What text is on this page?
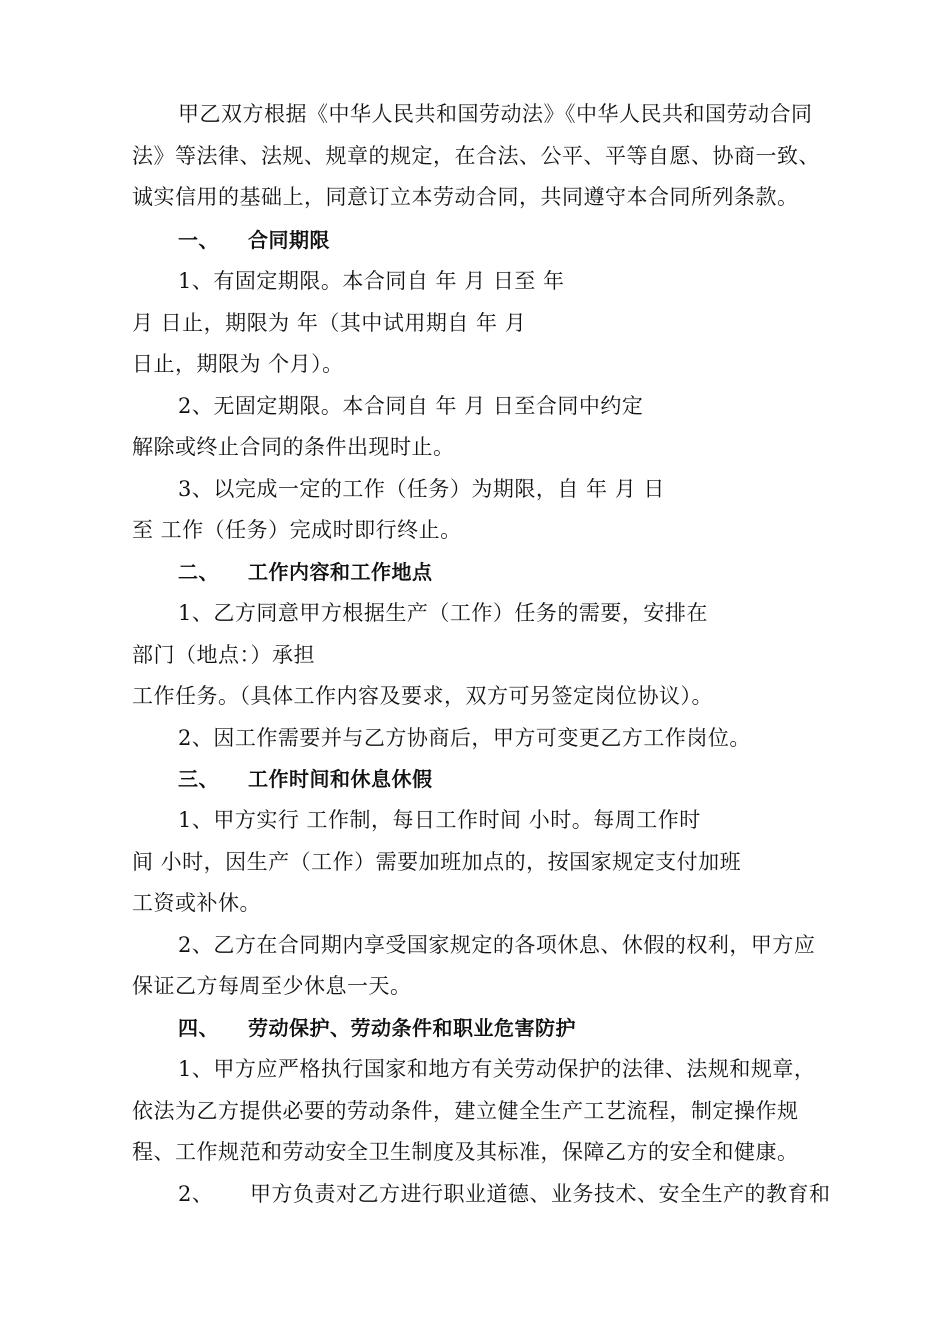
甲乙双方根据《中华人民共和国劳动法》《中华人民共和国劳动合同
法》等法律、法规、规章的规定，在合法、公平、平等自愿、协商一致、
诚实信用的基础上，同意订立本劳动合同，共同遵守本合同所列条款。
一、 合同期限
1、有固定期限。本合同自 年 月 日至 年
月 日止，期限为 年（其中试用期自 年 月
日止，期限为 个月）。
2、无固定期限。本合同自 年 月 日至合同中约定
解除或终止合同的条件出现时止。
3、以完成一定的工作（任务）为期限，自 年 月 日
至 工作（任务）完成时即行终止。
二、 工作内容和工作地点
1、乙方同意甲方根据生产（工作）任务的需要，安排在
部门（地点：）承担
工作任务。（具体工作内容及要求，双方可另签定岗位协议）。
2、因工作需要并与乙方协商后，甲方可变更乙方工作岗位。
三、 工作时间和休息休假
1、甲方实行 工作制，每日工作时间 小时。每周工作时
间 小时，因生产（工作）需要加班加点的，按国家规定支付加班
工资或补休。
2、乙方在合同期内享受国家规定的各项休息、休假的权利，甲方应
保证乙方每周至少休息一天。
四、 劳动保护、劳动条件和职业危害防护
1、甲方应严格执行国家和地方有关劳动保护的法律、法规和规章，
依法为乙方提供必要的劳动条件，建立健全生产工艺流程，制定操作规
程、工作规范和劳动安全卫生制度及其标准，保障乙方的安全和健康。
2、 甲方负责对乙方进行职业道德、业务技术、安全生产的教育和
